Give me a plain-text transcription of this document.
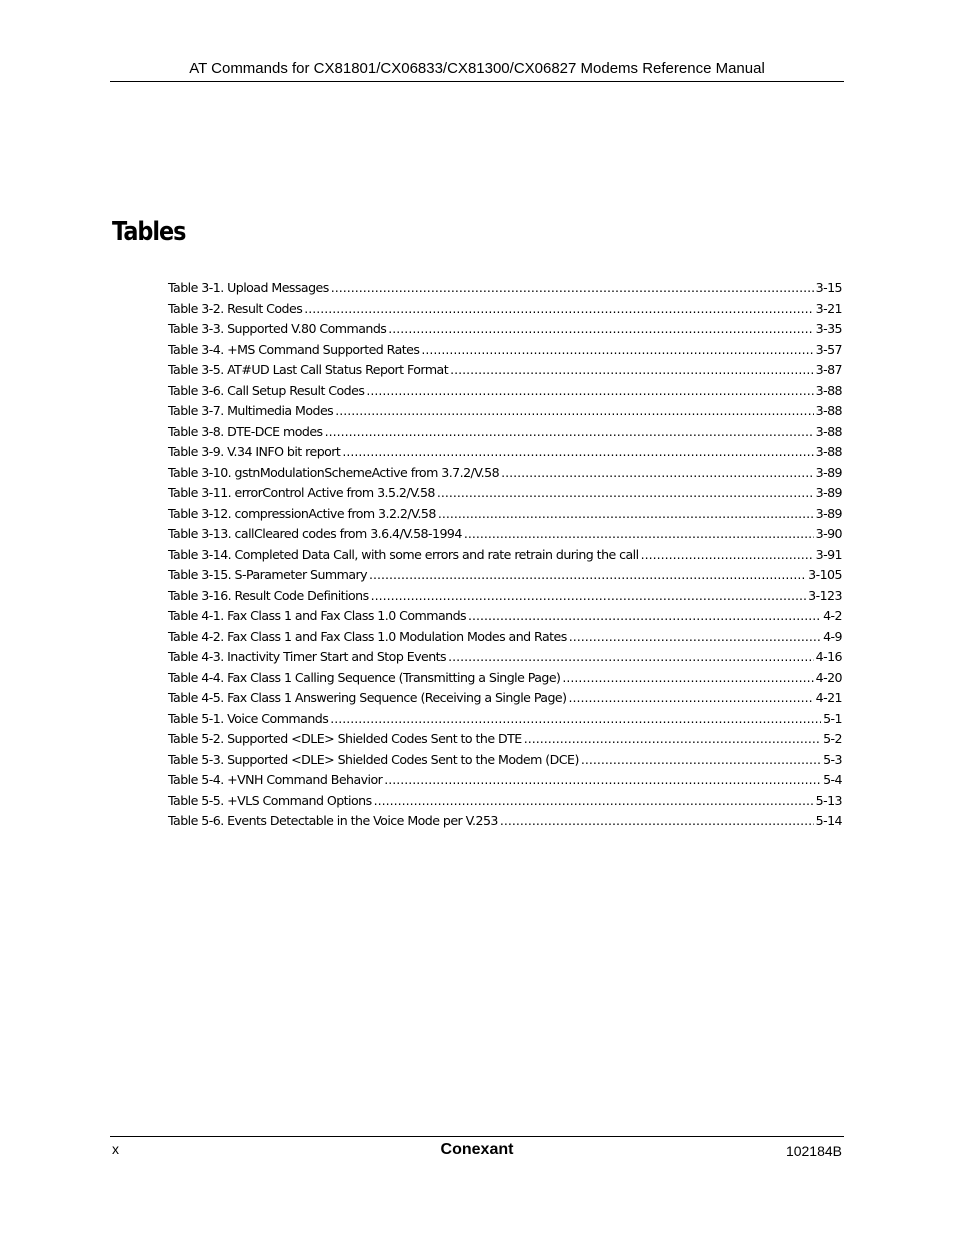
AT Commands for CX81801/CX06833/CX81300/CX06827 Modems Reference Manual
Tables
Table 3-1. Upload Messages .....	3-15
Table 3-2. Result Codes .....	3-21
Table 3-3. Supported V.80 Commands .....	3-35
Table 3-4. +MS Command Supported Rates .....	3-57
Table 3-5. AT#UD Last Call Status Report Format .....	3-87
Table 3-6. Call Setup Result Codes .....	3-88
Table 3-7. Multimedia Modes .....	3-88
Table 3-8. DTE-DCE modes .....	3-88
Table 3-9. V.34 INFO bit report .....	3-88
Table 3-10. gstnModulationSchemeActive from 3.7.2/V.58 .....	3-89
Table 3-11. errorControl Active from 3.5.2/V.58 .....	3-89
Table 3-12. compressionActive from 3.2.2/V.58 .....	3-89
Table 3-13. callCleared codes from 3.6.4/V.58-1994 .....	3-90
Table 3-14. Completed Data Call, with some errors and rate retrain during the call .....	3-91
Table 3-15. S-Parameter Summary .....	3-105
Table 3-16. Result Code Definitions .....	3-123
Table 4-1. Fax Class 1 and Fax Class 1.0 Commands .....	4-2
Table 4-2. Fax Class 1 and Fax Class 1.0 Modulation Modes and Rates .....	4-9
Table 4-3. Inactivity Timer Start and Stop Events .....	4-16
Table 4-4. Fax Class 1 Calling Sequence (Transmitting a Single Page) .....	4-20
Table 4-5. Fax Class 1 Answering Sequence (Receiving a Single Page) .....	4-21
Table 5-1. Voice Commands .....	5-1
Table 5-2. Supported <DLE> Shielded Codes Sent to the DTE .....	5-2
Table 5-3. Supported <DLE> Shielded Codes Sent to the Modem (DCE) .....	5-3
Table 5-4. +VNH Command Behavior .....	5-4
Table 5-5. +VLS Command Options .....	5-13
Table 5-6. Events Detectable in the Voice Mode per V.253 .....	5-14
x	Conexant	102184B
